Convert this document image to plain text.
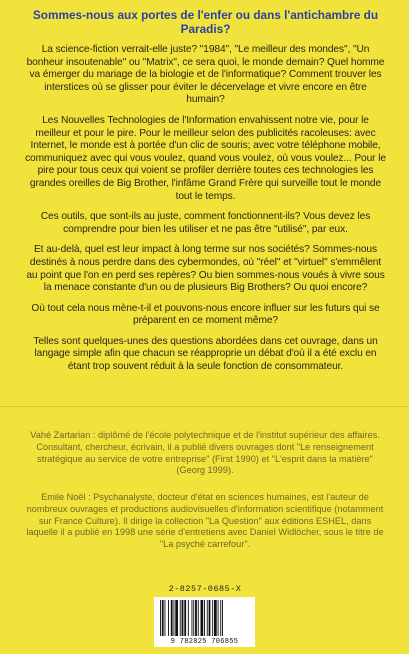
Sommes-nous aux portes de l'enfer ou dans l'antichambre du Paradis?

La science-fiction verrait-elle juste? "1984", "Le meilleur des mondes", "Un bonheur insoutenable" ou "Matrix", ce sera quoi, le monde demain? Quel homme va émerger du mariage de la biologie et de l'informatique? Comment trouver les interstices où se glisser pour éviter le décervelage et vivre encore en être humain?

Les Nouvelles Technologies de l'Information envahissent notre vie, pour le meilleur et pour le pire. Pour le meilleur selon des publicités racoleuses: avec Internet, le monde est à portée d'un clic de souris; avec votre téléphone mobile, communiquez avec qui vous voulez, quand vous voulez, où vous voulez... Pour le pire pour tous ceux qui voient se profiler derrière toutes ces technologies les grandes oreilles de Big Brother, l'infâme Grand Frère qui surveille tout le monde tout le temps.

Ces outils, que sont-ils au juste, comment fonctionnent-ils? Vous devez les comprendre pour bien les utiliser et ne pas être "utilisé", par eux.

Et au-delà, quel est leur impact à long terme sur nos sociétés? Sommes-nous destinés à nous perdre dans des cybermondes, où "réel" et "virtuel" s'emmêlent au point que l'on en perd ses repères? Ou bien sommes-nous voués à vivre sous la menace constante d'un ou de plusieurs Big Brothers? Ou quoi encore?

Où tout cela nous mène-t-il et pouvons-nous encore influer sur les futurs qui se préparent en ce moment même?

Telles sont quelques-unes des questions abordées dans cet ouvrage, dans un langage simple afin que chacun se réapproprie un débat d'où il a été exclu en étant trop souvent réduit à la seule fonction de consommateur.

Vahé Zartarian : diplômé de l'école polytechnique et de l'institut supérieur des affaires. Consultant, chercheur, écrivain, il a publié divers ouvrages dont "Le renseignement stratégique au service de votre entreprise" (First 1990) et "L'esprit dans la matière" (Georg 1999).

Emile Noël : Psychanalyste, docteur d'état en sciences humaines, est l'auteur de nombreux ouvrages et productions audiovisuelles d'information scientifique (notamment sur France Culture). Il dirige la collection "La Question" aux éditions ESHEL, dans laquelle il a publié en 1998 une série d'entretiens avec Daniel Widlöcher, sous le titre de "La psyché carrefour".

2-8257-0685-X
9 782825 706855
